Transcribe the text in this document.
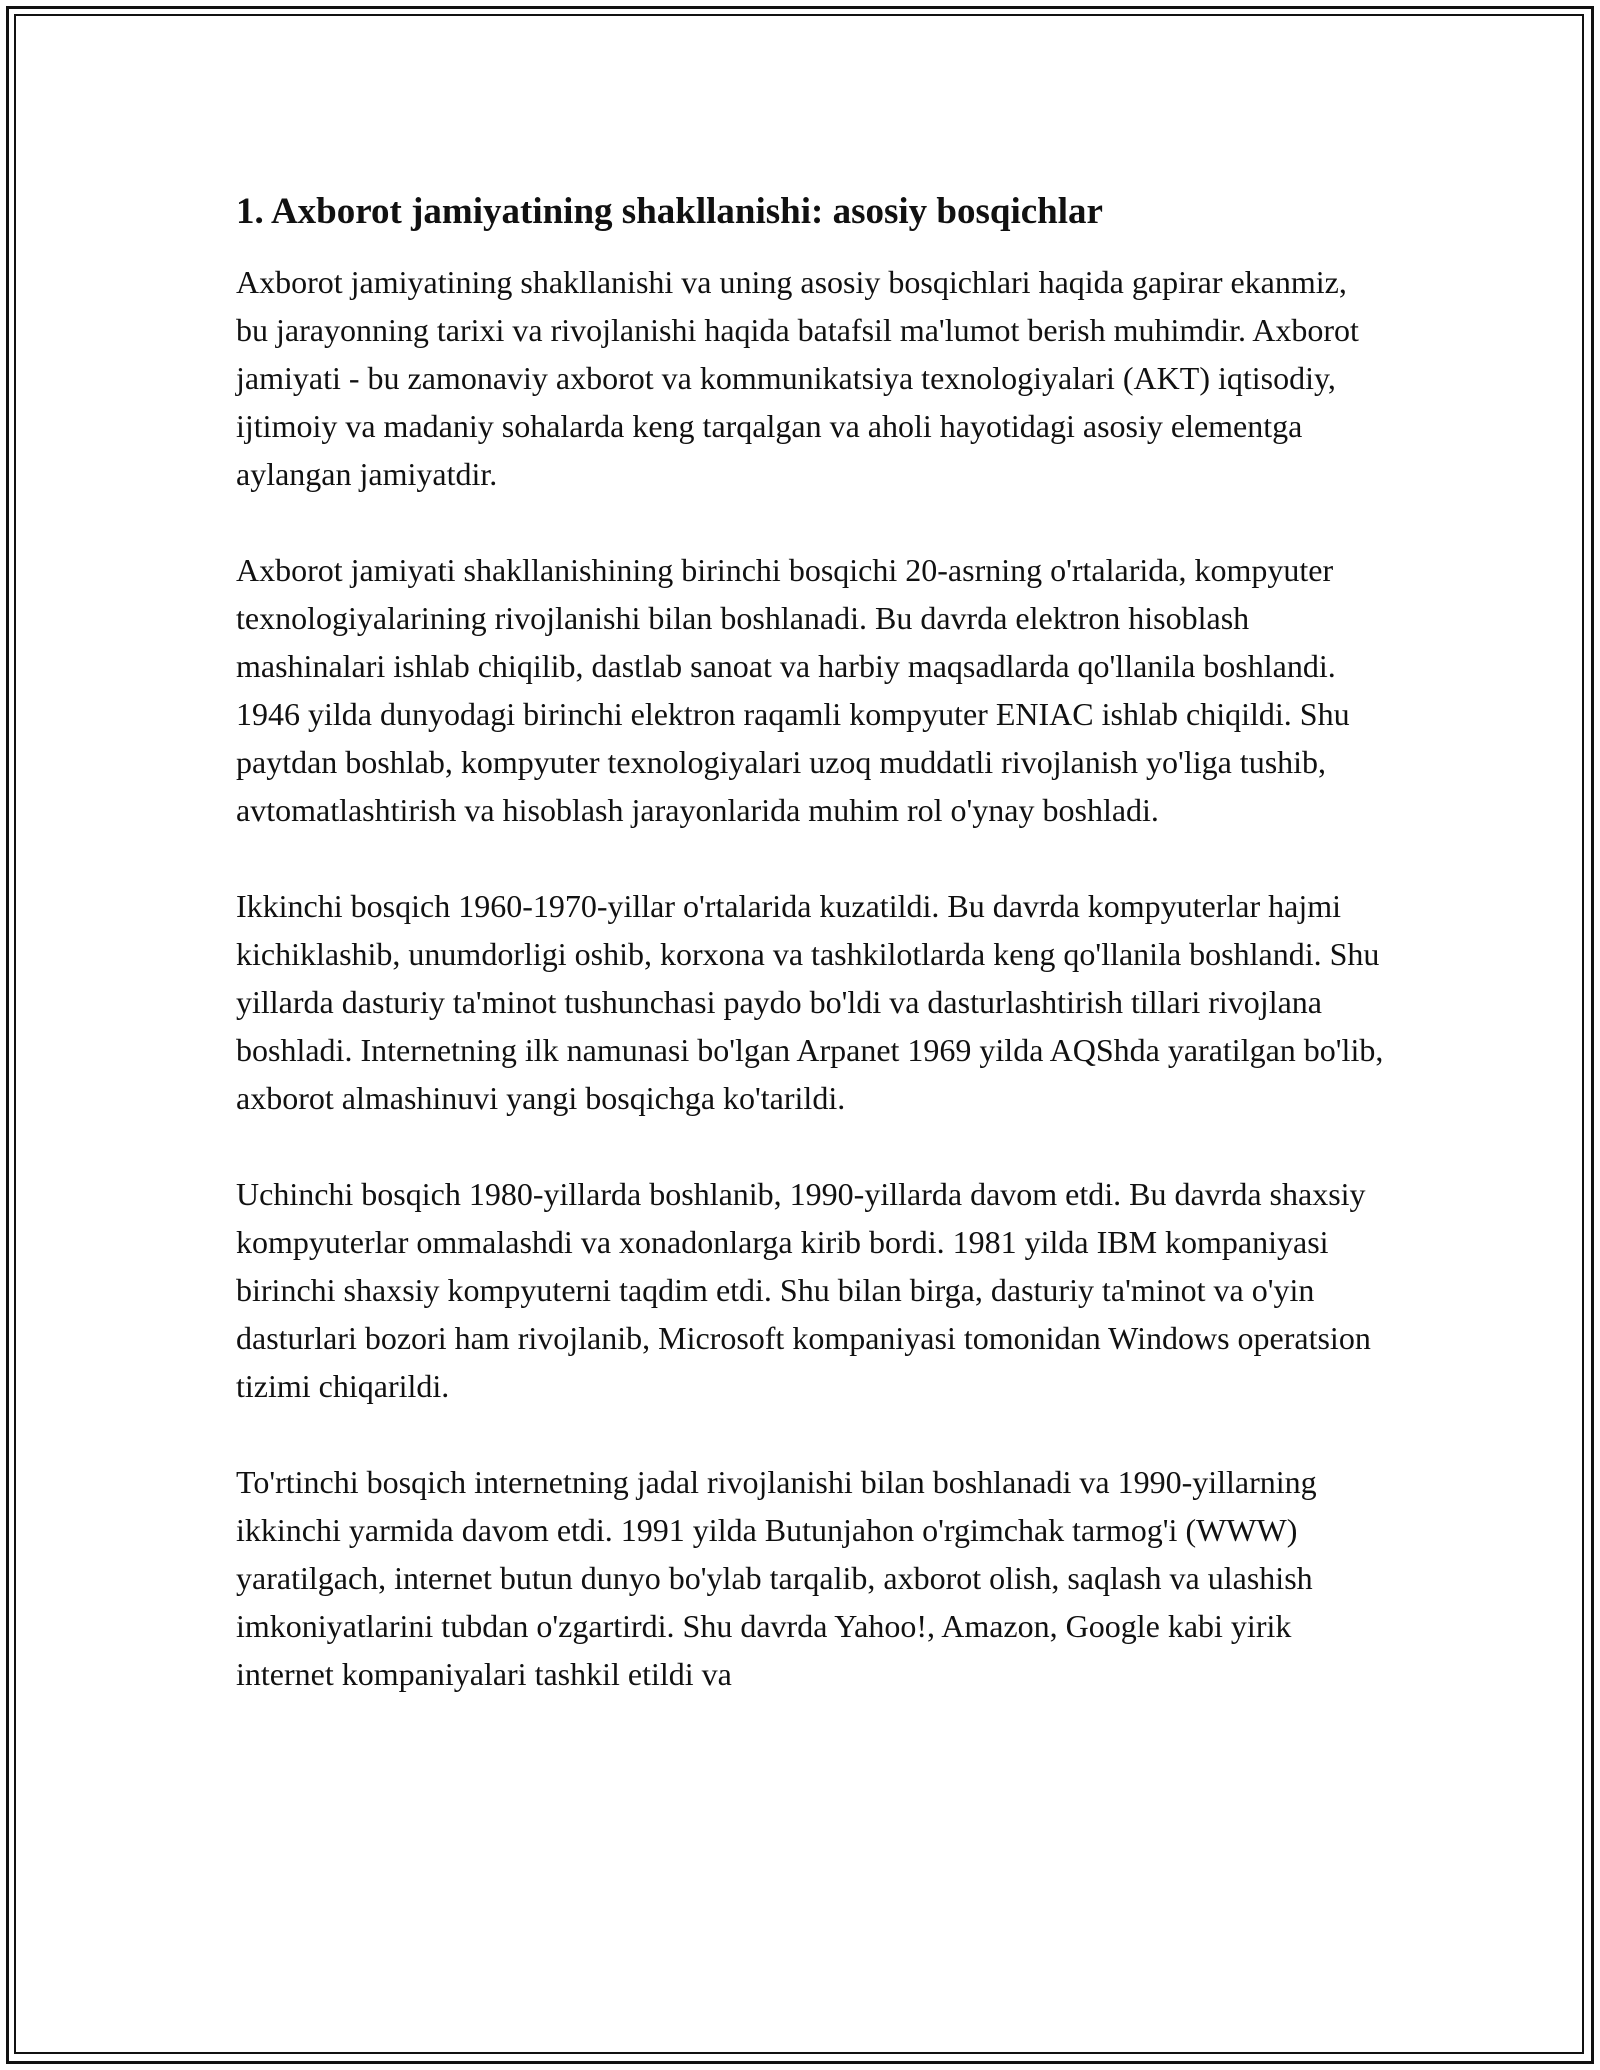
1. Axborot jamiyatining shakllanishi: asosiy bosqichlar

Axborot jamiyatining shakllanishi va uning asosiy bosqichlari haqida gapirar ekanmiz, bu jarayonning tarixi va rivojlanishi haqida batafsil ma'lumot berish muhimdir. Axborot jamiyati - bu zamonaviy axborot va kommunikatsiya texnologiyalari (AKT) iqtisodiy, ijtimoiy va madaniy sohalarda keng tarqalgan va aholi hayotidagi asosiy elementga aylangan jamiyatdir.

Axborot jamiyati shakllanishining birinchi bosqichi 20-asrning o'rtalarida, kompyuter texnologiyalarining rivojlanishi bilan boshlanadi. Bu davrda elektron hisoblash mashinalari ishlab chiqilib, dastlab sanoat va harbiy maqsadlarda qo'llanila boshlandi. 1946 yilda dunyodagi birinchi elektron raqamli kompyuter ENIAC ishlab chiqildi. Shu paytdan boshlab, kompyuter texnologiyalari uzoq muddatli rivojlanish yo'liga tushib, avtomatlashtirish va hisoblash jarayonlarida muhim rol o'ynay boshladi.

Ikkinchi bosqich 1960-1970-yillar o'rtalarida kuzatildi. Bu davrda kompyuterlar hajmi kichiklashib, unumdorligi oshib, korxona va tashkilotlarda keng qo'llanila boshlandi. Shu yillarda dasturiy ta'minot tushunchasi paydo bo'ldi va dasturlashtirish tillari rivojlana boshladi. Internetning ilk namunasi bo'lgan Arpanet 1969 yilda AQShda yaratilgan bo'lib, axborot almashinuvi yangi bosqichga ko'tarildi.

Uchinchi bosqich 1980-yillarda boshlanib, 1990-yillarda davom etdi. Bu davrda shaxsiy kompyuterlar ommalashdi va xonadonlarga kirib bordi. 1981 yilda IBM kompaniyasi birinchi shaxsiy kompyuterni taqdim etdi. Shu bilan birga, dasturiy ta'minot va o'yin dasturlari bozori ham rivojlanib, Microsoft kompaniyasi tomonidan Windows operatsion tizimi chiqarildi.

To'rtinchi bosqich internetning jadal rivojlanishi bilan boshlanadi va 1990-yillarning ikkinchi yarmida davom etdi. 1991 yilda Butunjahon o'rgimchak tarmog'i (WWW) yaratilgach, internet butun dunyo bo'ylab tarqalib, axborot olish, saqlash va ulashish imkoniyatlarini tubdan o'zgartirdi. Shu davrda Yahoo!, Amazon, Google kabi yirik internet kompaniyalari tashkil etildi va
